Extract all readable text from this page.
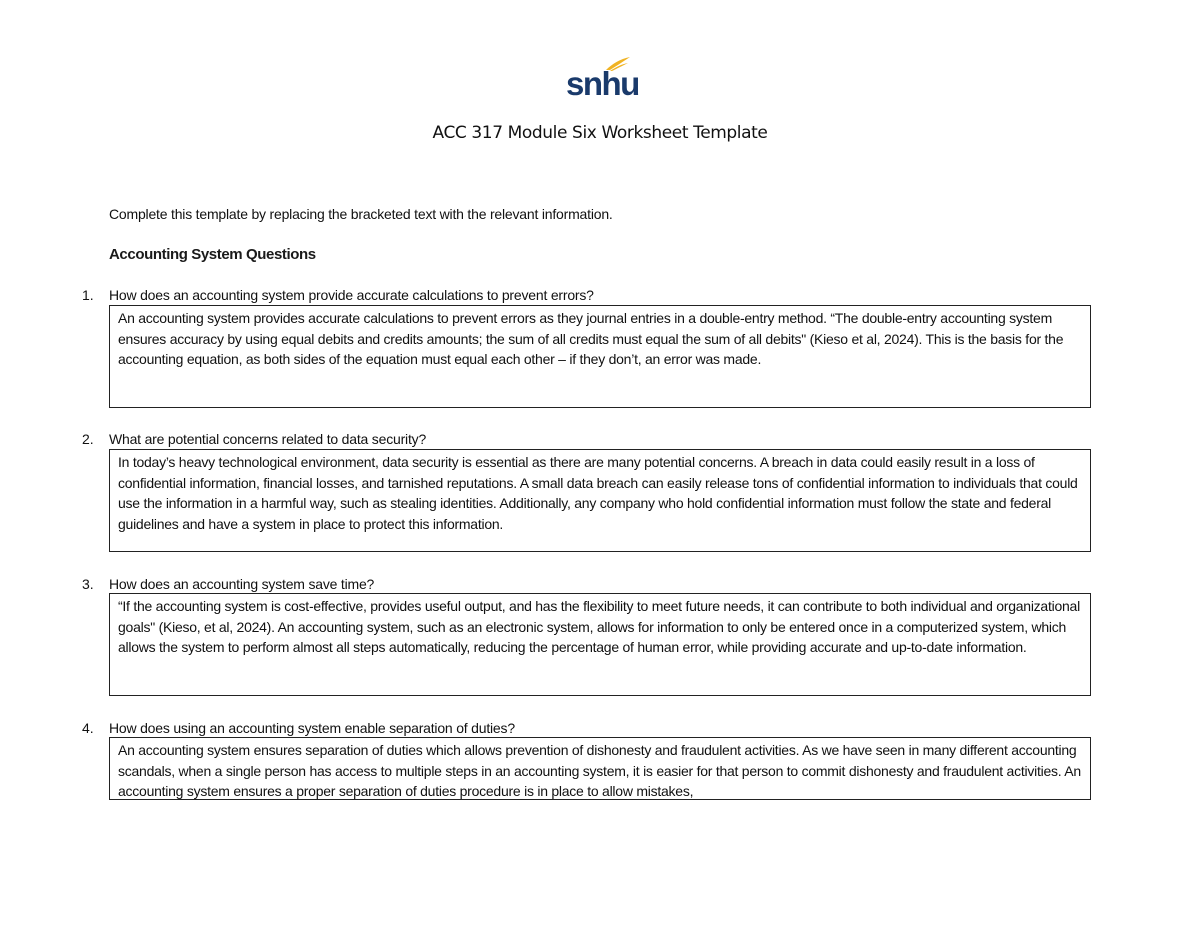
snhu
ACC 317 Module Six Worksheet Template
Complete this template by replacing the bracketed text with the relevant information.
Accounting System Questions
1. How does an accounting system provide accurate calculations to prevent errors?
An accounting system provides accurate calculations to prevent errors as they journal entries in a double-entry method. “The double-entry accounting system ensures accuracy by using equal debits and credits amounts; the sum of all credits must equal the sum of all debits" (Kieso et al, 2024). This is the basis for the accounting equation, as both sides of the equation must equal each other – if they don’t, an error was made.
2. What are potential concerns related to data security?
In today’s heavy technological environment, data security is essential as there are many potential concerns. A breach in data could easily result in a loss of confidential information, financial losses, and tarnished reputations. A small data breach can easily release tons of confidential information to individuals that could use the information in a harmful way, such as stealing identities. Additionally, any company who hold confidential information must follow the state and federal guidelines and have a system in place to protect this information.
3. How does an accounting system save time?
“If the accounting system is cost-effective, provides useful output, and has the flexibility to meet future needs, it can contribute to both individual and organizational goals" (Kieso, et al, 2024). An accounting system, such as an electronic system, allows for information to only be entered once in a computerized system, which allows the system to perform almost all steps automatically, reducing the percentage of human error, while providing accurate and up-to-date information.
4. How does using an accounting system enable separation of duties?
An accounting system ensures separation of duties which allows prevention of dishonesty and fraudulent activities. As we have seen in many different accounting scandals, when a single person has access to multiple steps in an accounting system, it is easier for that person to commit dishonesty and fraudulent activities. An accounting system ensures a proper separation of duties procedure is in place to allow mistakes,
